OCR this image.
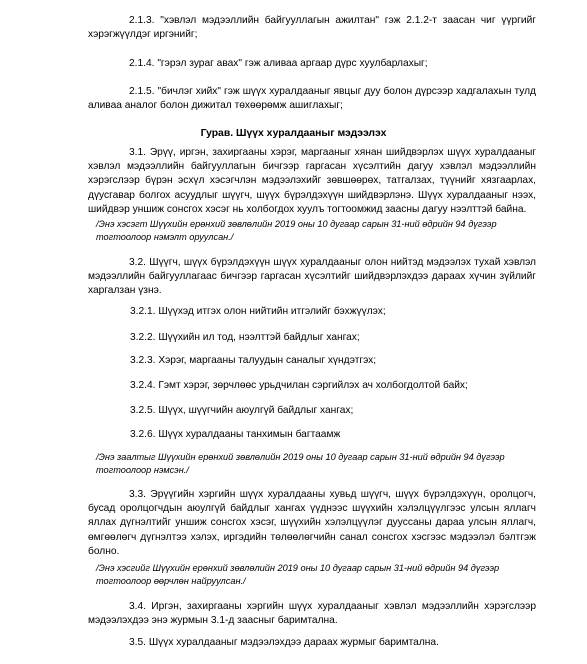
2.1.3. "хэвлэл мэдээллийн байгууллагын ажилтан" гэж 2.1.2-т заасан чиг үүргийг хэрэгжүүлдэг иргэнийг;

2.1.4. "гэрэл зураг авах" гэж аливаа аргаар дүрс хуулбарлахыг;

2.1.5. "бичлэг хийх" гэж шүүх хуралдааныг явцыг дуу болон дүрсээр хадгалахын тулд аливаа аналог болон дижитал төхөөрөмж ашиглахыг;

Гурав. Шүүх хуралдааныг мэдээлэх

3.1. Эрүү, иргэн, захиргааны хэрэг, маргааныг хянан шийдвэрлэх шүүх хуралдааныг хэвлэл мэдээллийн байгууллагын бичгээр гаргасан хүсэлтийн дагуу хэвлэл мэдээллийн хэрэгслээр бүрэн эсхүл хэсэгчлэн мэдээлэхийг зөвшөөрөх, татгалзах, түүнийг хязгаарлах, дүусгавар болгох асуудлыг шүүгч, шүүх бүрэлдэхүүн шийдвэрлэнэ. Шүүх хуралдааныг нээх, шийдвэр уншиж сонсгох хэсэг нь холбогдох хуулъ тогтоомжид заасны дагуу нээлттэй байна.

/Энэ хэсэгт Шүүхийн ерөнхий зөвлөлийн 2019 оны 10 дугаар сарын 31-ний өдрийн 94 дүгээр тогтоолоор нэмэлт оруулсан./

3.2. Шүүгч, шүүх бүрэлдэхүүн шүүх хуралдааныг олон нийтэд мэдээлэх тухай хэвлэл мэдээллийн байгууллагаас бичгээр гаргасан хүсэлтийг шийдвэрлэхдээ дараах хүчин зүйлийг харгалзан үзнэ.

3.2.1. Шүүхэд итгэх олон нийтийн итгэлийг бэхжүүлэх;

3.2.2. Шүүхийн ил тод, нээлттэй байдлыг хангах;

3.2.3. Хэрэг, маргааны талуудын саналыг хүндэтгэх;

3.2.4. Гэмт хэрэг, зөрчлөөс урьдчилан сэргийлэх ач холбогдолтой байх;

3.2.5. Шүүх, шүүгчийн аюулгүй байдлыг хангах;

3.2.6. Шүүх хуралдааны танхимын багтаамж

/Энэ заалтыг Шүүхийн ерөнхий зөвлөлийн 2019 оны 10 дугаар сарын 31-ний өдрийн 94 дүгээр тогтоолоор нэмсэн./

3.3. Эрүүгийн хэргийн шүүх хуралдааны хувьд шүүгч, шүүх бүрэлдэхүүн, оролцогч, бусад оролцогчдын аюулгүй байдлыг хангах үүднээс шүүхийн хэлэлцүүлгээс улсын яллагч яллах дүгнэлтийг уншиж сонсгох хэсэг, шүүхийн хэлэлцүүлэг дууссаны дараа улсын яллагч, өмгөөлөгч дүгнэлтээ хэлэх, иргэдийн төлөөлөгчийн санал сонсгох хэсгээс мэдээлэл бэлтгэж болно.

/Энэ хэсгийг Шүүхийн ерөнхий зөвлөлийн 2019 оны 10 дугаар сарын 31-ний өдрийн 94 дүгээр тогтоолоор өөрчлөн найруулсан./

3.4. Иргэн, захиргааны хэргийн шүүх хуралдааныг хэвлэл мэдээллийн хэрэгслээр мэдээлэхдээ энэ журмын 3.1-д заасныг баримтална.

3.5. Шүүх хуралдааныг мэдээлэхдээ дараах журмыг баримтална.
